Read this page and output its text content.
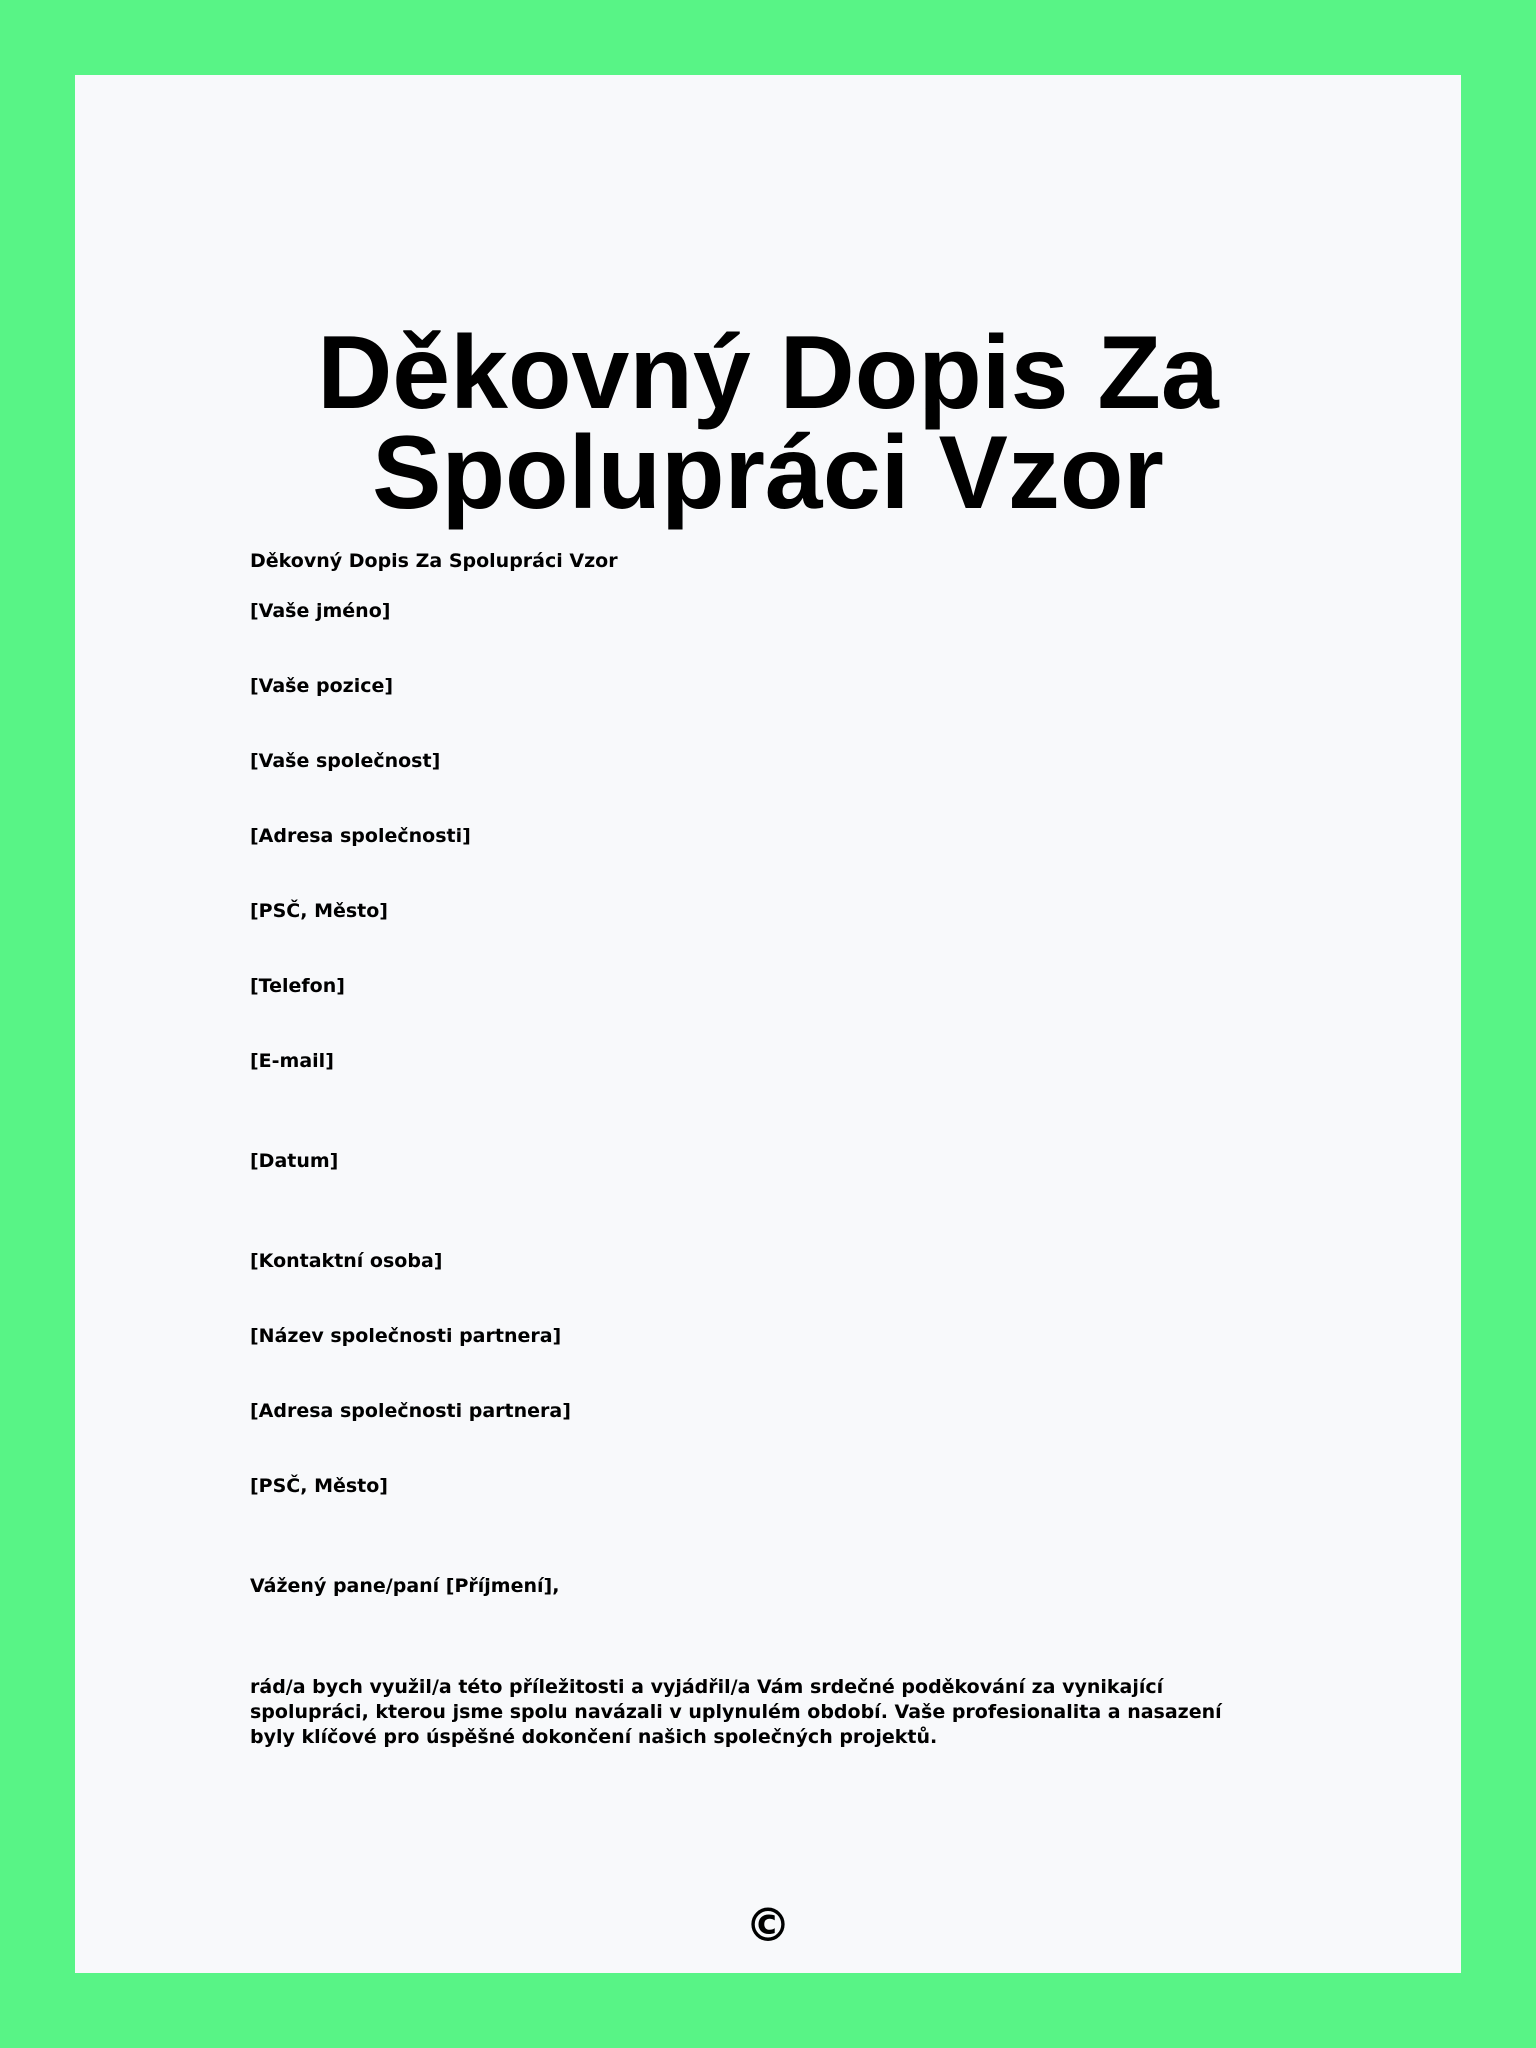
Děkovný Dopis Za Spolupráci Vzor

Děkovný Dopis Za Spolupráci Vzor

[Vaše jméno]

[Vaše pozice]

[Vaše společnost]

[Adresa společnosti]

[PSČ, Město]

[Telefon]

[E-mail]

[Datum]

[Kontaktní osoba]

[Název společnosti partnera]

[Adresa společnosti partnera]

[PSČ, Město]

Vážený pane/paní [Příjmení],

rád/a bych využil/a této příležitosti a vyjádřil/a Vám srdečné poděkování za vynikající spolupráci, kterou jsme spolu navázali v uplynulém období. Vaše profesionalita a nasazení byly klíčové pro úspěšné dokončení našich společných projektů.

©
